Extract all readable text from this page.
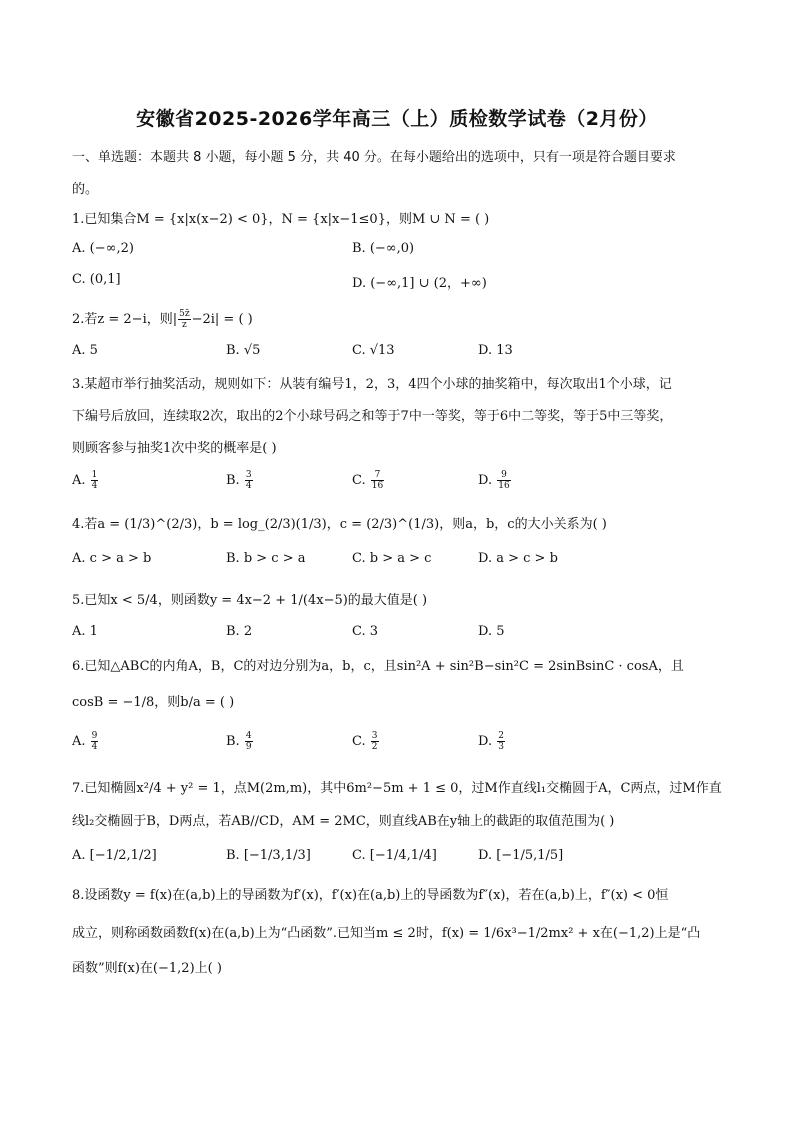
安徽省2025-2026学年高三（上）质检数学试卷（2月份）
一、单选题：本题共 8 小题，每小题 5 分，共 40 分。在每小题给出的选项中，只有一项是符合题目要求
的。
1.已知集合M = {x|x(x−2) < 0}，N = {x|x−1≤0}，则M ∪ N = ( )
A. (−∞,2)	B. (−∞,0)
C. (0,1]	D. (−∞,1] ∪ (2，+∞)
2.若z = 2−i，则| $\frac{5z̄}{z} -2i|$ = ( )
A. 5	B. √5	C. √13	D. 13
3.某超市举行抽奖活动，规则如下：从装有编号1，2，3，4四个小球的抽奖箱中，每次取出1个小球，记
下编号后放回，连续取2次，取出的2个小球号码之和等于7中一等奖，等于6中二等奖，等于5中三等奖，
则顾客参与抽奖1次中奖的概率是( )
A. $\frac{1}{4}$	B. $\frac{3}{4}$	C. $\frac{7}{16}$	D. $\frac{9}{16}$
4.若a = (1/3)^(2/3)，b = log_(2/3)(1/3)，c = (2/3)^(1/3)，则a，b，c的大小关系为( )
A. c > a > b	B. b > c > a	C. b > a > c	D. a > c > b
5.已知x < 5/4，则函数y = 4x−2 + 1/(4x−5)的最大值是( )
A. 1	B. 2	C. 3	D. 5
6.已知△ABC的内角A，B，C的对边分别为a，b，c，且sin²A + sin²B−sin²C = 2sinBsinC · cosA，且
cosB = −1/8，则b/a = ( )
A. $\frac{9}{4}$	B. $\frac{4}{9}$	C. $\frac{3}{2}$	D. $\frac{2}{3}$
7.已知椭圆x²/4 + y² = 1，点M(2m,m)，其中6m²−5m + 1 ≤ 0，过M作直线l₁交椭圆于A，C两点，过M作直
线l₂交椭圆于B，D两点，若AB//CD，AM = 2MC，则直线AB在y轴上的截距的取值范围为( )
A. [−1/2,1/2]	B. [−1/3,1/3]	C. [−1/4,1/4]	D. [−1/5,1/5]
8.设函数y = f(x)在(a,b)上的导函数为f′(x)，f′(x)在(a,b)上的导函数为f″(x)，若在(a,b)上，f″(x) < 0恒
成立，则称函数函数f(x)在(a,b)上为“凸函数”.已知当m ≤ 2时，f(x) = 1/6x³−1/2mx² + x在(−1,2)上是“凸
函数”则f(x)在(−1,2)上( )
